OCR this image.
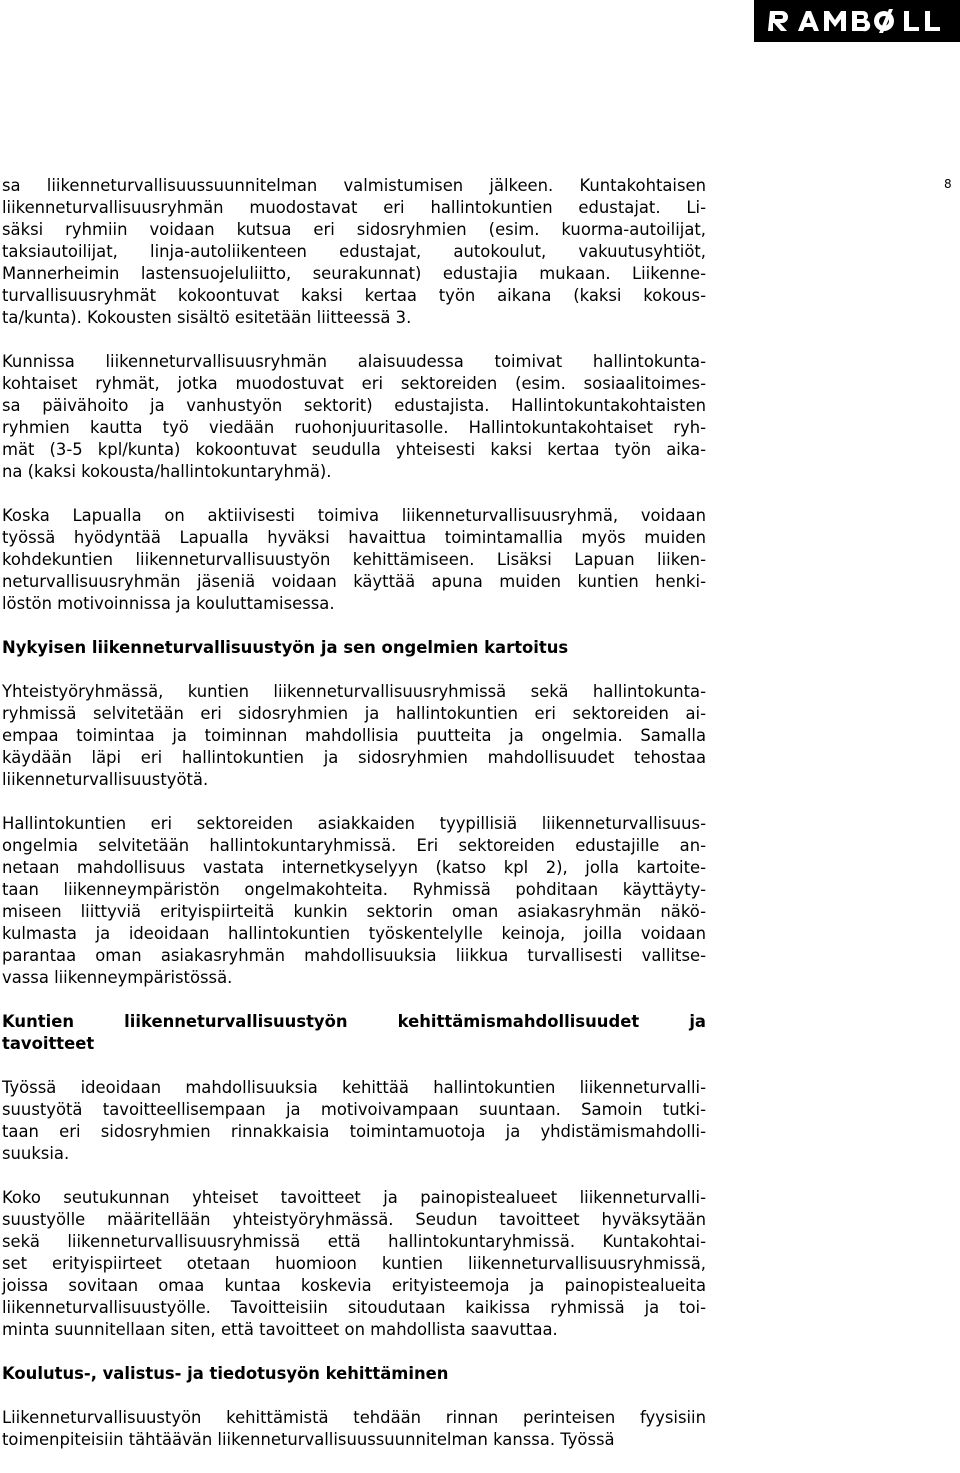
8
sa liikenneturvallisuussuunnitelman valmistumisen jälkeen. Kuntakohtaisen
liikenneturvallisuusryhmän muodostavat eri hallintokuntien edustajat. Li-
säksi ryhmiin voidaan kutsua eri sidosryhmien (esim. kuorma-autoilijat,
taksiautoilijat, linja-autoliikenteen edustajat, autokoulut, vakuutusyhtiöt,
Mannerheimin lastensuojeluliitto, seurakunnat) edustajia mukaan. Liikenne-
turvallisuusryhmät kokoontuvat kaksi kertaa työn aikana (kaksi kokous-
ta/kunta). Kokousten sisältö esitetään liitteessä 3.
Kunnissa liikenneturvallisuusryhmän alaisuudessa toimivat hallintokunta-
kohtaiset ryhmät, jotka muodostuvat eri sektoreiden (esim. sosiaalitoimes-
sa päivähoito ja vanhustyön sektorit) edustajista. Hallintokuntakohtaisten
ryhmien kautta työ viedään ruohonjuuritasolle. Hallintokuntakohtaiset ryh-
mät (3-5 kpl/kunta) kokoontuvat seudulla yhteisesti kaksi kertaa työn aika-
na (kaksi kokousta/hallintokuntaryhmä).
Koska Lapualla on aktiivisesti toimiva liikenneturvallisuusryhmä, voidaan
työssä hyödyntää Lapualla hyväksi havaittua toimintamallia myös muiden
kohdekuntien liikenneturvallisuustyön kehittämiseen. Lisäksi Lapuan liiken-
neturvallisuusryhmän jäseniä voidaan käyttää apuna muiden kuntien henki-
löstön motivoinnissa ja kouluttamisessa.
Nykyisen liikenneturvallisuustyön ja sen ongelmien kartoitus
Yhteistyöryhmässä, kuntien liikenneturvallisuusryhmissä sekä hallintokunta-
ryhmissä selvitetään eri sidosryhmien ja hallintokuntien eri sektoreiden ai-
empaa toimintaa ja toiminnan mahdollisia puutteita ja ongelmia. Samalla
käydään läpi eri hallintokuntien ja sidosryhmien mahdollisuudet tehostaa
liikenneturvallisuustyötä.
Hallintokuntien eri sektoreiden asiakkaiden tyypillisiä liikenneturvallisuus-
ongelmia selvitetään hallintokuntaryhmissä. Eri sektoreiden edustajille an-
netaan mahdollisuus vastata internetkyselyyn (katso kpl 2), jolla kartoite-
taan liikenneympäristön ongelmakohteita. Ryhmissä pohditaan käyttäyty-
miseen liittyviä erityispiirteitä kunkin sektorin oman asiakasryhmän näkö-
kulmasta ja ideoidaan hallintokuntien työskentelylle keinoja, joilla voidaan
parantaa oman asiakasryhmän mahdollisuuksia liikkua turvallisesti vallitse-
vassa liikenneympäristössä.
Kuntien liikenneturvallisuustyön kehittämismahdollisuudet ja
tavoitteet
Työssä ideoidaan mahdollisuuksia kehittää hallintokuntien liikenneturvalli-
suustyötä tavoitteellisempaan ja motivoivampaan suuntaan. Samoin tutki-
taan eri sidosryhmien rinnakkaisia toimintamuotoja ja yhdistämismahdolli-
suuksia.
Koko seutukunnan yhteiset tavoitteet ja painopistealueet liikenneturvalli-
suustyölle määritellään yhteistyöryhmässä. Seudun tavoitteet hyväksytään
sekä liikenneturvallisuusryhmissä että hallintokuntaryhmissä. Kuntakohtai-
set erityispiirteet otetaan huomioon kuntien liikenneturvallisuusryhmissä,
joissa sovitaan omaa kuntaa koskevia erityisteemoja ja painopistealueita
liikenneturvallisuustyölle. Tavoitteisiin sitoudutaan kaikissa ryhmissä ja toi-
minta suunnitellaan siten, että tavoitteet on mahdollista saavuttaa.
Koulutus-, valistus- ja tiedotusyön kehittäminen
Liikenneturvallisuustyön kehittämistä tehdään rinnan perinteisen fyysisiin
toimenpiteisiin tähtäävän liikenneturvallisuussuunnitelman kanssa. Työssä
